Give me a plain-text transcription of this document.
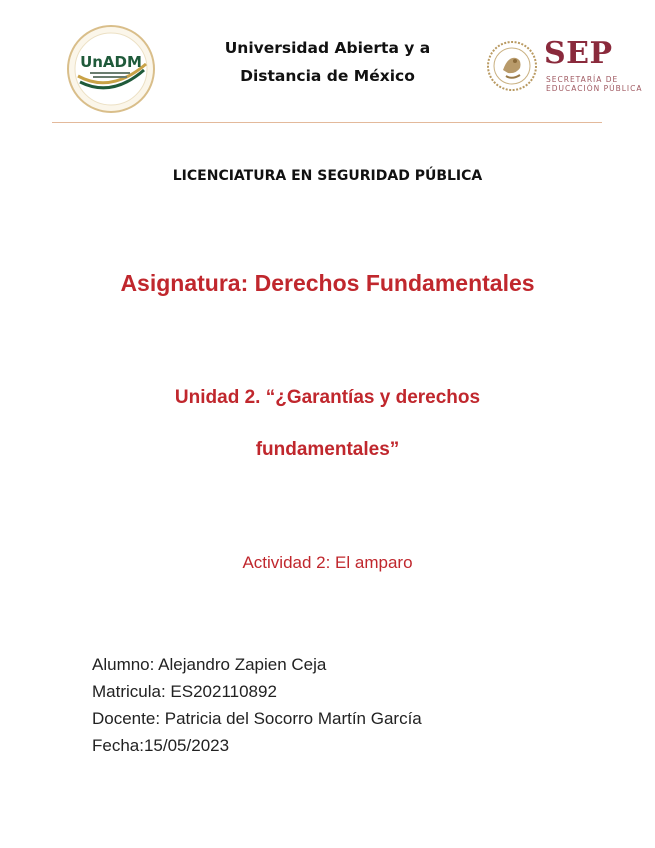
UnADM
Universidad Abierta y a
Distancia de México
SEP
SECRETARÍA DE
EDUCACIÓN PÚBLICA
LICENCIATURA EN SEGURIDAD PÚBLICA
Asignatura: Derechos Fundamentales
Unidad 2. “¿Garantías y derechos
fundamentales”
Actividad 2: El amparo
Alumno: Alejandro Zapien Ceja
Matricula: ES202110892
Docente: Patricia del Socorro Martín García
Fecha:15/05/2023
